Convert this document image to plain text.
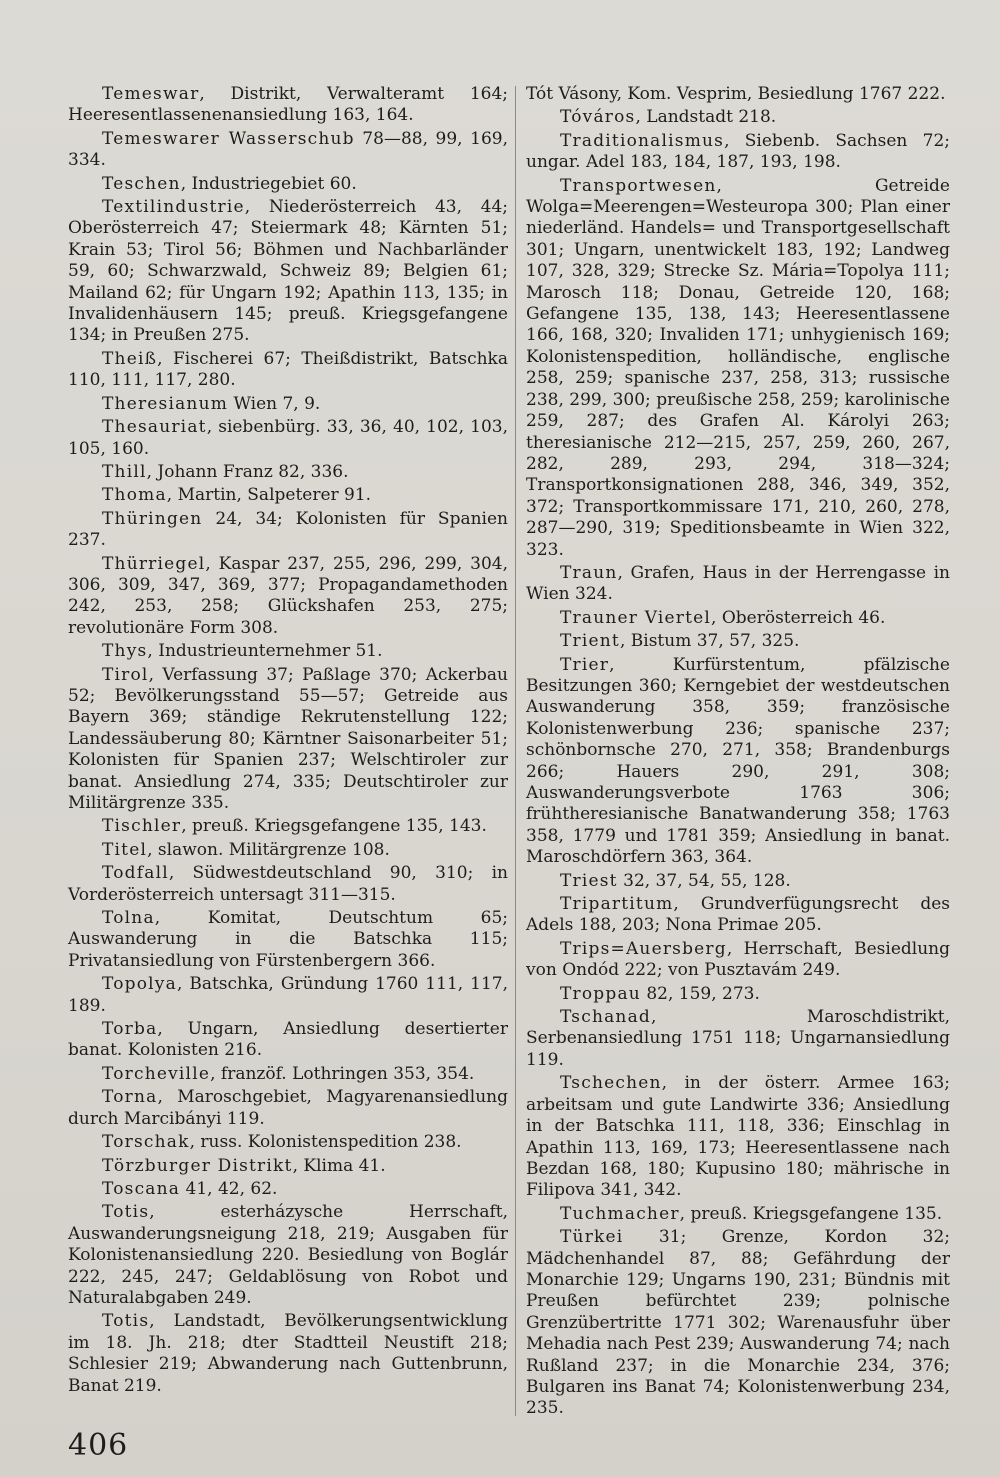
Temeswar, Distrikt, Verwalteramt 164; Heeresentlassenenansiedlung 163, 164.

Temeswarer Wasserschub 78—88, 99, 169, 334.

Teschen, Industriegebiet 60.

Textilindustrie, Niederösterreich 43, 44; Oberösterreich 47; Steiermark 48; Kärnten 51; Krain 53; Tirol 56; Böhmen und Nachbarländer 59, 60; Schwarzwald, Schweiz 89; Belgien 61; Mailand 62; für Ungarn 192; Apathin 113, 135; in Invalidenhäusern 145; preuß. Kriegsgefangene 134; in Preußen 275.

Theiß, Fischerei 67; Theißdistrikt, Batschka 110, 111, 117, 280.

Theresianum Wien 7, 9.

Thesauriat, siebenbürg. 33, 36, 40, 102, 103, 105, 160.

Thill, Johann Franz 82, 336.

Thoma, Martin, Salpeterer 91.

Thüringen 24, 34; Kolonisten für Spanien 237.

Thürriegel, Kaspar 237, 255, 296, 299, 304, 306, 309, 347, 369, 377; Propagandamethoden 242, 253, 258; Glückshafen 253, 275; revolutionäre Form 308.

Thys, Industrieunternehmer 51.

Tirol, Verfassung 37; Paßlage 370; Ackerbau 52; Bevölkerungsstand 55—57; Getreide aus Bayern 369; ständige Rekrutenstellung 122; Landessäuberung 80; Kärntner Saisonarbeiter 51; Kolonisten für Spanien 237; Welschtiroler zur banat. Ansiedlung 274, 335; Deutschtiroler zur Militärgrenze 335.

Tischler, preuß. Kriegsgefangene 135, 143.

Titel, slawon. Militärgrenze 108.

Todfall, Südwestdeutschland 90, 310; in Vorderösterreich untersagt 311—315.

Tolna, Komitat, Deutschtum 65; Auswanderung in die Batschka 115; Privatansiedlung von Fürstenbergern 366.

Topolya, Batschka, Gründung 1760 111, 117, 189.

Torba, Ungarn, Ansiedlung desertierter banat. Kolonisten 216.

Torcheville, franzöf. Lothringen 353, 354.

Torna, Maroschgebiet, Magyarenansiedlung durch Marcibányi 119.

Torschak, russ. Kolonistenspedition 238.

Törzburger Distrikt, Klima 41.

Toscana 41, 42, 62.

Totis, esterházysche Herrschaft, Auswanderungsneigung 218, 219; Ausgaben für Kolonistenansiedlung 220. Besiedlung von Boglár 222, 245, 247; Geldablösung von Robot und Naturalabgaben 249.

Totis, Landstadt, Bevölkerungsentwicklung im 18. Jh. 218; dter Stadtteil Neustift 218; Schlesier 219; Abwanderung nach Guttenbrunn, Banat 219.

Tót Vásony, Kom. Vesprim, Besiedlung 1767 222.

Tóváros, Landstadt 218.

Traditionalismus, Siebenb. Sachsen 72; ungar. Adel 183, 184, 187, 193, 198.

Transportwesen, Getreide Wolga=Meerengen=Westeuropa 300; Plan einer niederländ. Handels= und Transportgesellschaft 301; Ungarn, unentwickelt 183, 192; Landweg 107, 328, 329; Strecke Sz. Mária=Topolya 111; Marosch 118; Donau, Getreide 120, 168; Gefangene 135, 138, 143; Heeresentlassene 166, 168, 320; Invaliden 171; unhygienisch 169; Kolonistenspedition, holländische, englische 258, 259; spanische 237, 258, 313; russische 238, 299, 300; preußische 258, 259; karolinische 259, 287; des Grafen Al. Károlyi 263; theresianische 212—215, 257, 259, 260, 267, 282, 289, 293, 294, 318—324; Transportkonsignationen 288, 346, 349, 352, 372; Transportkommissare 171, 210, 260, 278, 287—290, 319; Speditionsbeamte in Wien 322, 323.

Traun, Grafen, Haus in der Herrengasse in Wien 324.

Trauner Viertel, Oberösterreich 46.

Trient, Bistum 37, 57, 325.

Trier, Kurfürstentum, pfälzische Besitzungen 360; Kerngebiet der westdeutschen Auswanderung 358, 359; französische Kolonistenwerbung 236; spanische 237; schönbornsche 270, 271, 358; Brandenburgs 266; Hauers 290, 291, 308; Auswanderungsverbote 1763 306; frühtheresianische Banatwanderung 358; 1763 358, 1779 und 1781 359; Ansiedlung in banat. Maroschdörfern 363, 364.

Triest 32, 37, 54, 55, 128.

Tripartitum, Grundverfügungsrecht des Adels 188, 203; Nona Primae 205.

Trips=Auersberg, Herrschaft, Besiedlung von Ondód 222; von Pusztavám 249.

Troppau 82, 159, 273.

Tschanad, Maroschdistrikt, Serbenansiedlung 1751 118; Ungarnansiedlung 119.

Tschechen, in der österr. Armee 163; arbeitsam und gute Landwirte 336; Ansiedlung in der Batschka 111, 118, 336; Einschlag in Apathin 113, 169, 173; Heeresentlassene nach Bezdan 168, 180; Kupusino 180; mährische in Filipova 341, 342.

Tuchmacher, preuß. Kriegsgefangene 135.

Türkei 31; Grenze, Kordon 32; Mädchenhandel 87, 88; Gefährdung der Monarchie 129; Ungarns 190, 231; Bündnis mit Preußen befürchtet 239; polnische Grenzübertritte 1771 302; Warenausfuhr über Mehadia nach Pest 239; Auswanderung 74; nach Rußland 237; in die Monarchie 234, 376; Bulgaren ins Banat 74; Kolonistenwerbung 234, 235.

406
